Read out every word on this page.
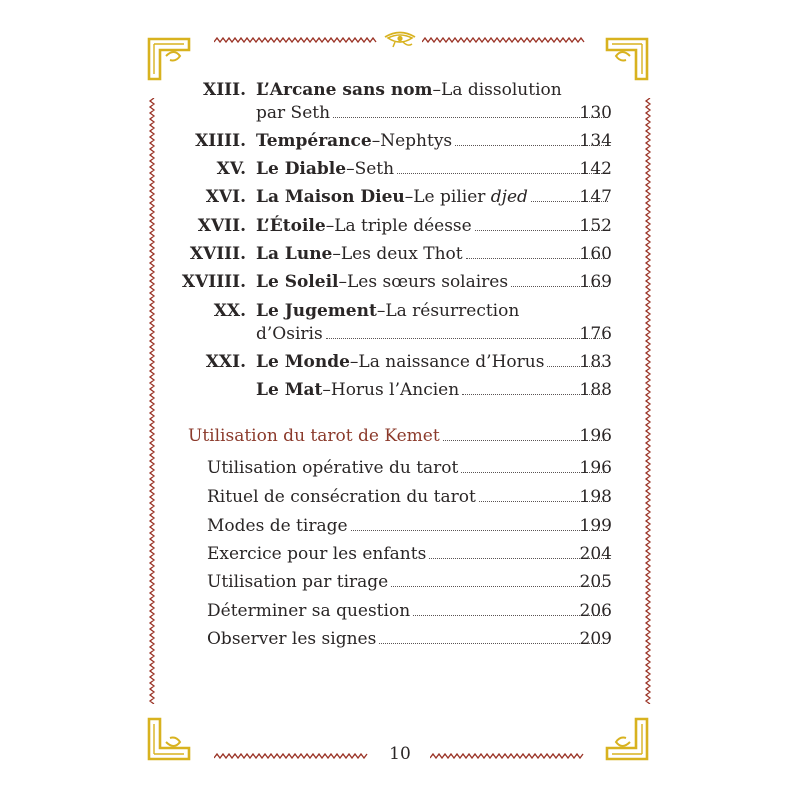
XIII. L’Arcane sans nom – La dissolution
par Seth	130
XIIII. Tempérance – Nephtys	134
XV. Le Diable – Seth	142
XVI. La Maison Dieu – Le pilier djed	147
XVII. L’Étoile – La triple déesse	152
XVIII. La Lune – Les deux Thot	160
XVIIII. Le Soleil – Les sœurs solaires	169
XX. Le Jugement – La résurrection
d’Osiris	176
XXI. Le Monde – La naissance d’Horus	183
Le Mat – Horus l’Ancien	188
Utilisation du tarot de Kemet	196
Utilisation opérative du tarot	196
Rituel de consécration du tarot	198
Modes de tirage	199
Exercice pour les enfants	204
Utilisation par tirage	205
Déterminer sa question	206
Observer les signes	209
10
